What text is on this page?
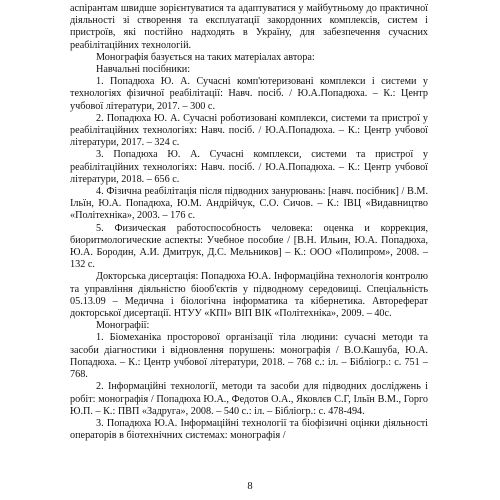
аспірантам швидше зорієнтуватися та адаптуватися у майбутньому до практичної діяльності зі створення та експлуатації закордонних комплексів, систем і пристроїв, які постійно надходять в Україну, для забезпечення сучасних реабілітаційних технологій.

Монографія базується на таких матеріалах автора:

Навчальні посібники:

1. Попадюха Ю. А. Сучасні комп'ютеризовані комплекси і системи у технологіях фізичної реабілітації: Навч. посіб. / Ю.А.Попадюха. – К.: Центр учбової літератури, 2017. – 300 с.

2. Попадюха Ю. А. Сучасні роботизовані комплекси, системи та пристрої у реабілітаційних технологіях: Навч. посіб. / Ю.А.Попадюха. – К.: Центр учбової літератури, 2017. – 324 с.

3. Попадюха Ю. А. Сучасні комплекси, системи та пристрої у реабілітаційних технологіях: Навч. посіб. / Ю.А.Попадюха. – К.: Центр учбової літератури, 2018. – 656 с.

4. Фізична реабілітація після підводних занурювань: [навч. посібник] / В.М. Ільїн, Ю.А. Попадюха, Ю.М. Андрійчук, С.О. Сичов. – К.: ІВЦ «Видавництво «Політехніка», 2003. – 176 с.

5. Физическая работоспособность человека: оценка и коррекция, биоритмологические аспекты: Учебное пособие / [В.Н. Ильин, Ю.А. Попадюха, Ю.А. Бородин, А.И. Дмитрук, Д.С. Мельников] – К.: ООО «Полипром», 2008. – 132 с.

Докторська дисертація: Попадюха Ю.А. Інформаційна технологія контролю та управління діяльністю біооб'єктів у підводному середовищі. Спеціальність 05.13.09 – Медична і біологічна інформатика та кібернетика. Автореферат докторської дисертації. НТУУ «КПІ» ВІП ВІК «Політехніка», 2009. – 40с.

Монографії:

1. Біомеханіка просторової організації тіла людини: сучасні методи та засоби діагностики і відновлення порушень: монографія / В.О.Кашуба, Ю.А. Попадюха. – К.: Центр учбової літератури, 2018. – 768 с.: іл. – Бібліогр.: с. 751 – 768.

2. Інформаційні технології, методи та засоби для підводних досліджень і робіт: монографія / Попадюха Ю.А., Федотов О.А., Яковлєв С.Г, Ільїн В.М., Горго Ю.П. – К.: ПВП «Задруга», 2008. – 540 с.: іл. – Бібліогр.: с. 478-494.

3. Попадюха Ю.А. Інформаційні технології та біофізичні оцінки діяльності операторів в біотехнічних системах: монографія /

8
